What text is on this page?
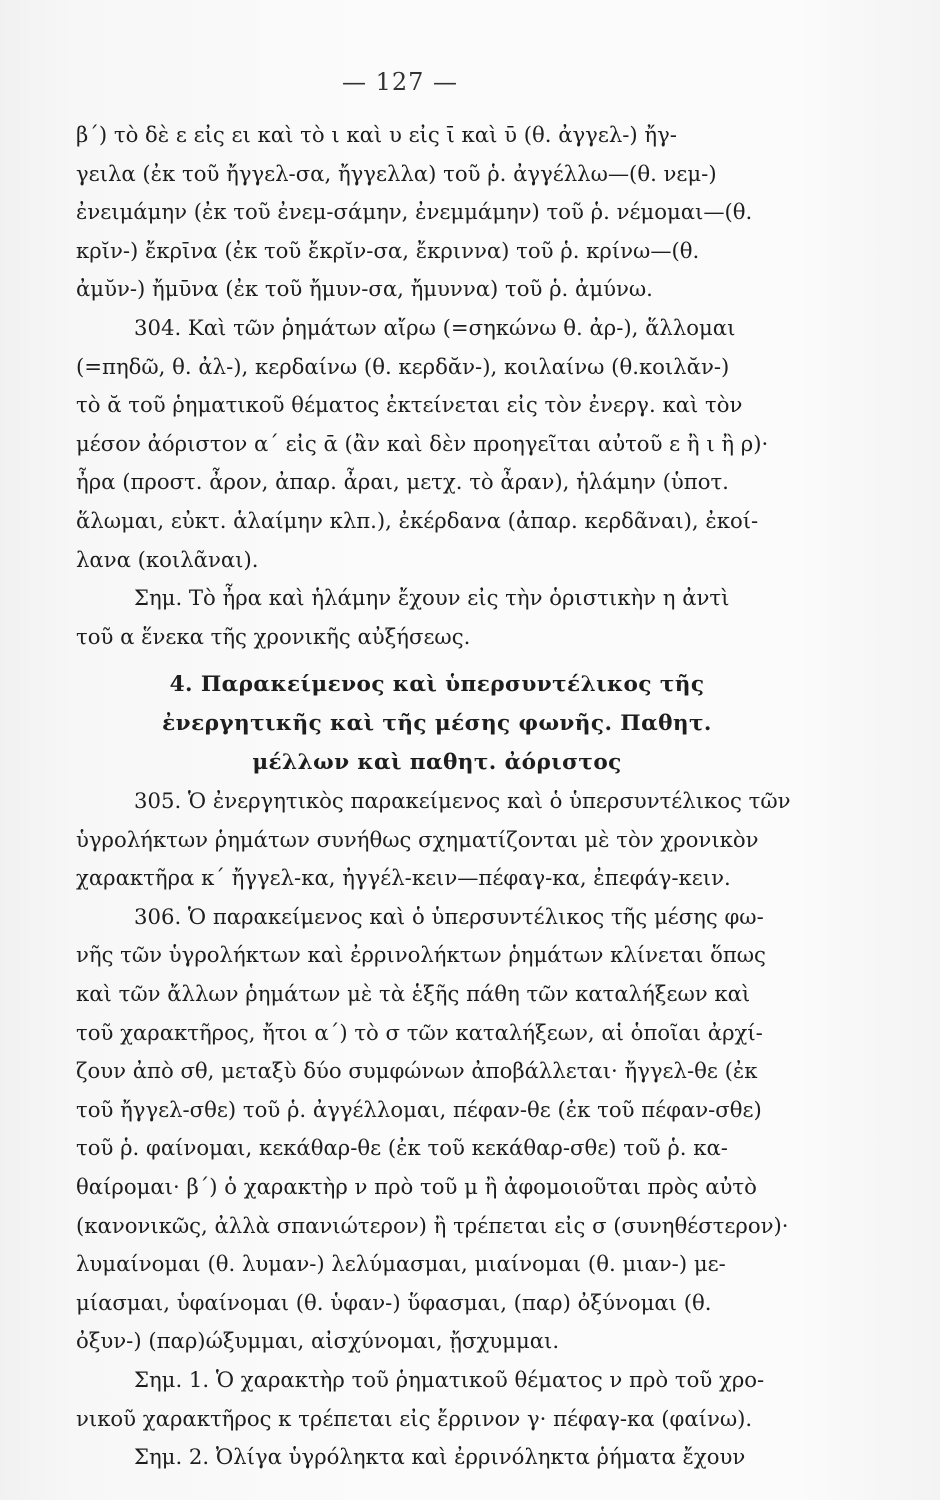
— 127 —
β΄) τὸ δὲ ε εἰς ει καὶ τὸ ι καὶ υ εἰς ῑ καὶ ῡ (θ. ἀγγελ-) ἤγ-
γειλα (ἐκ τοῦ ἤγγελ-σα, ἤγγελλα) τοῦ ῥ. ἀγγέλλω—(θ. νεμ-)
ἐνειμάμην (ἐκ τοῦ ἐνεμ-σάμην, ἐνεμμάμην) τοῦ ῥ. νέμομαι—(θ.
κρῐν-) ἔκρῑνα (ἐκ τοῦ ἔκρῐν-σα, ἔκριννα) τοῦ ῥ. κρίνω—(θ.
ἀμῠν-) ἤμῡνα (ἐκ τοῦ ἤμυν-σα, ἤμυννα) τοῦ ῥ. ἀμύνω.
304. Καὶ τῶν ῥημάτων αἴρω (=σηκώνω θ. ἀρ-), ἅλλομαι
(=πηδῶ, θ. ἀλ-), κερδαίνω (θ. κερδᾰν-), κοιλαίνω (θ.κοιλᾰν-)
τὸ ᾰ τοῦ ῥηματικοῦ θέματος ἐκτείνεται εἰς τὸν ἐνεργ. καὶ τὸν
μέσον ἀόριστον α΄ εἰς ᾱ (ἂν καὶ δὲν προηγεῖται αὐτοῦ ε ἢ ι ἢ ρ)·
ἦρα (προστ. ἆρον, ἀπαρ. ἆραι, μετχ. τὸ ἆραν), ἡλάμην (ὑποτ.
ἅλωμαι, εὐκτ. ἁλαίμην κλπ.), ἐκέρδανα (ἀπαρ. κερδᾶναι), ἐκοί-
λανα (κοιλᾶναι).
Σημ. Τὸ ἦρα καὶ ἡλάμην ἔχουν εἰς τὴν ὁριστικὴν η ἀντὶ
τοῦ α ἕνεκα τῆς χρονικῆς αὐξήσεως.
4. Παρακείμενος καὶ ὑπερσυντέλικος τῆς
ἐνεργητικῆς καὶ τῆς μέσης φωνῆς. Παθητ.
μέλλων καὶ παθητ. ἀόριστος
305. Ὁ ἐνεργητικὸς παρακείμενος καὶ ὁ ὑπερσυντέλικος τῶν
ὑγρολήκτων ῥημάτων συνήθως σχηματίζονται μὲ τὸν χρονικὸν
χαρακτῆρα κ΄ ἤγγελ-κα, ἠγγέλ-κειν—πέφαγ-κα, ἐπεφάγ-κειν.
306. Ὁ παρακείμενος καὶ ὁ ὑπερσυντέλικος τῆς μέσης φω-
νῆς τῶν ὑγρολήκτων καὶ ἐρρινολήκτων ῥημάτων κλίνεται ὅπως
καὶ τῶν ἄλλων ῥημάτων μὲ τὰ ἑξῆς πάθη τῶν καταλήξεων καὶ
τοῦ χαρακτῆρος, ἤτοι α΄) τὸ σ τῶν καταλήξεων, αἱ ὁποῖαι ἀρχί-
ζουν ἀπὸ σθ, μεταξὺ δύο συμφώνων ἀποβάλλεται· ἤγγελ-θε (ἐκ
τοῦ ἤγγελ-σθε) τοῦ ῥ. ἀγγέλλομαι, πέφαν-θε (ἐκ τοῦ πέφαν-σθε)
τοῦ ῥ. φαίνομαι, κεκάθαρ-θε (ἐκ τοῦ κεκάθαρ-σθε) τοῦ ῥ. κα-
θαίρομαι· β΄) ὁ χαρακτὴρ ν πρὸ τοῦ μ ἢ ἀφομοιοῦται πρὸς αὐτὸ
(κανονικῶς, ἀλλὰ σπανιώτερον) ἢ τρέπεται εἰς σ (συνηθέστερον)·
λυμαίνομαι (θ. λυμαν-) λελύμασμαι, μιαίνομαι (θ. μιαν-) με-
μίασμαι, ὑφαίνομαι (θ. ὑφαν-) ὕφασμαι, (παρ) ὀξύνομαι (θ.
ὀξυν-) (παρ)ώξυμμαι, αἰσχύνομαι, ᾔσχυμμαι.
Σημ. 1. Ὁ χαρακτὴρ τοῦ ῥηματικοῦ θέματος ν πρὸ τοῦ χρο-
νικοῦ χαρακτῆρος κ τρέπεται εἰς ἔρρινον γ· πέφαγ-κα (φαίνω).
Σημ. 2. Ὀλίγα ὑγρόληκτα καὶ ἐρρινόληκτα ῥήματα ἔχουν
